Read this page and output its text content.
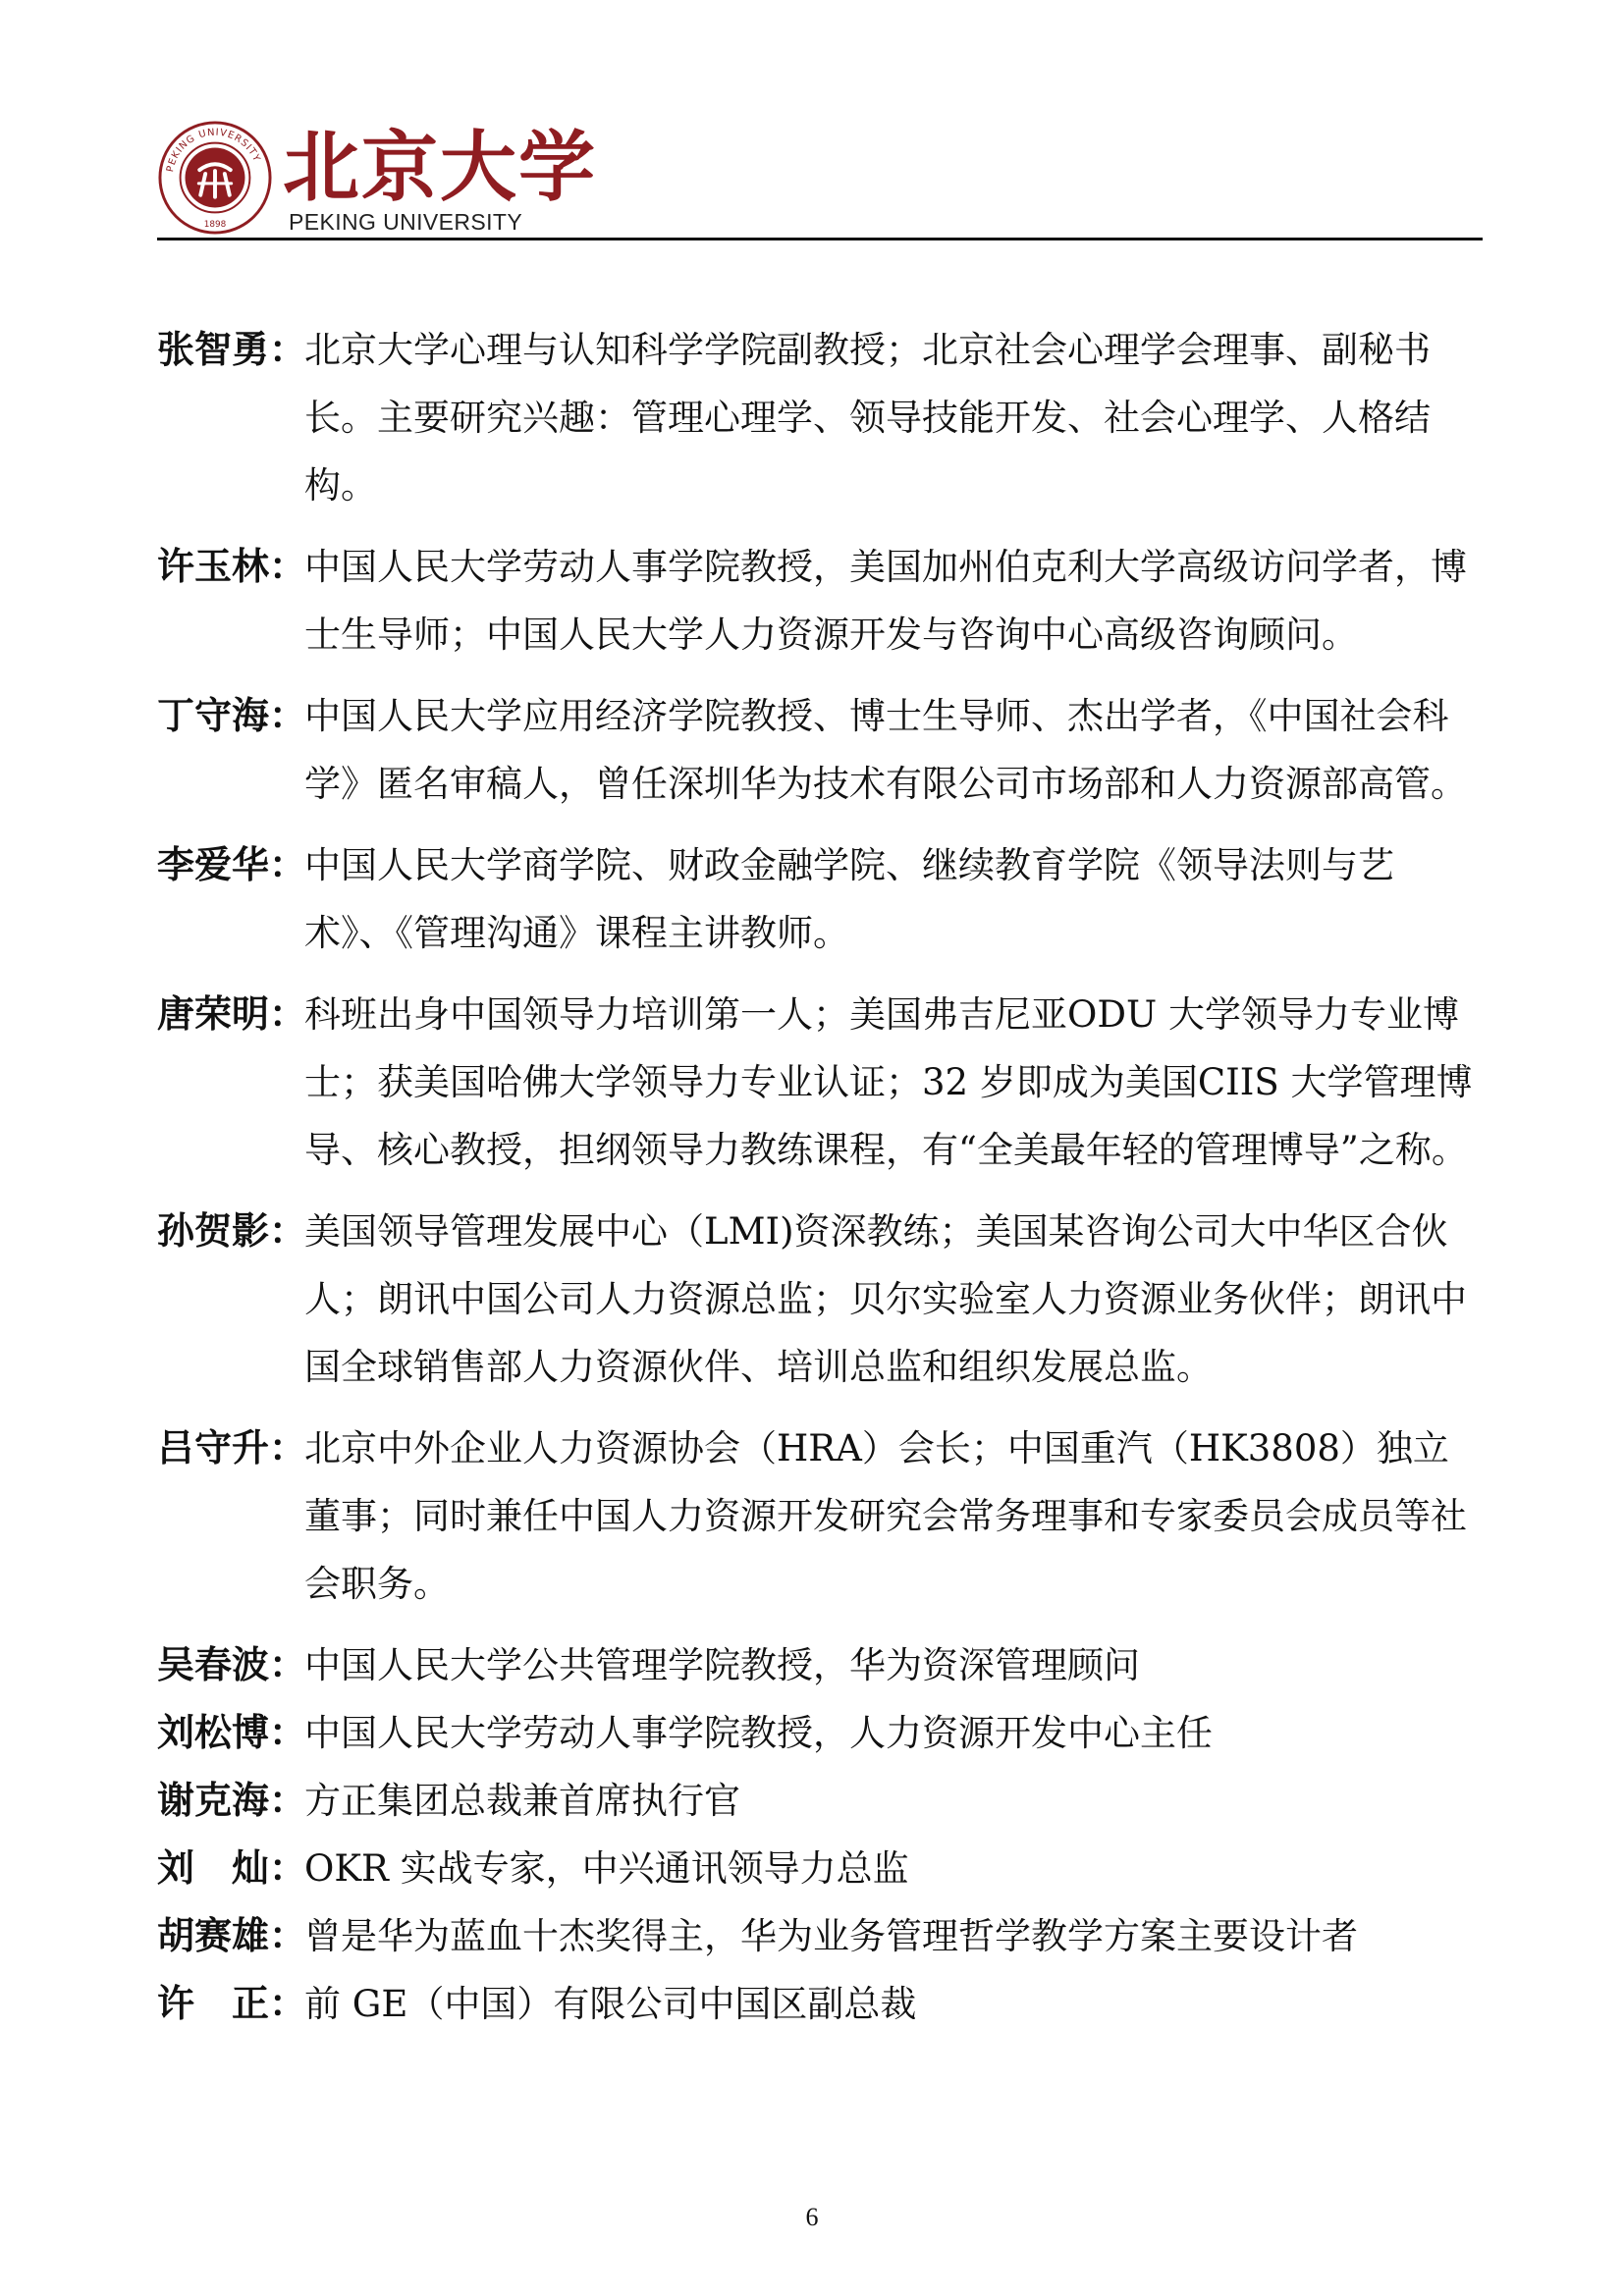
PEKING UNIVERSITY
1898
北京大学
PEKING UNIVERSITY
张智勇：
北京大学心理与认知科学学院副教授；北京社会心理学会理事、副秘书长。主要研究兴趣：管理心理学、领导技能开发、社会心理学、人格结构。
许玉林：
中国人民大学劳动人事学院教授，美国加州伯克利大学高级访问学者，博士生导师；中国人民大学人力资源开发与咨询中心高级咨询顾问。
丁守海：
中国人民大学应用经济学院教授、博士生导师、杰出学者，《中国社会科学》匿名审稿人，曾任深圳华为技术有限公司市场部和人力资源部高管。
李爱华：
中国人民大学商学院、财政金融学院、继续教育学院《领导法则与艺术》、《管理沟通》课程主讲教师。
唐荣明：
科班出身中国领导力培训第一人；美国弗吉尼亚ODU 大学领导力专业博士；获美国哈佛大学领导力专业认证；32 岁即成为美国CIIS 大学管理博导、核心教授，担纲领导力教练课程，有“全美最年轻的管理博导”之称。
孙贺影：
美国领导管理发展中心（LMI)资深教练；美国某咨询公司大中华区合伙人；朗讯中国公司人力资源总监；贝尔实验室人力资源业务伙伴；朗讯中国全球销售部人力资源伙伴、培训总监和组织发展总监。
吕守升：
北京中外企业人力资源协会（HRA）会长；中国重汽（HK3808）独立董事；同时兼任中国人力资源开发研究会常务理事和专家委员会成员等社会职务。
吴春波：
中国人民大学公共管理学院教授，华为资深管理顾问
刘松博：
中国人民大学劳动人事学院教授，人力资源开发中心主任
谢克海：
方正集团总裁兼首席执行官
刘　灿：
OKR 实战专家，中兴通讯领导力总监
胡赛雄：
曾是华为蓝血十杰奖得主，华为业务管理哲学教学方案主要设计者
许　正：
前 GE（中国）有限公司中国区副总裁
6
